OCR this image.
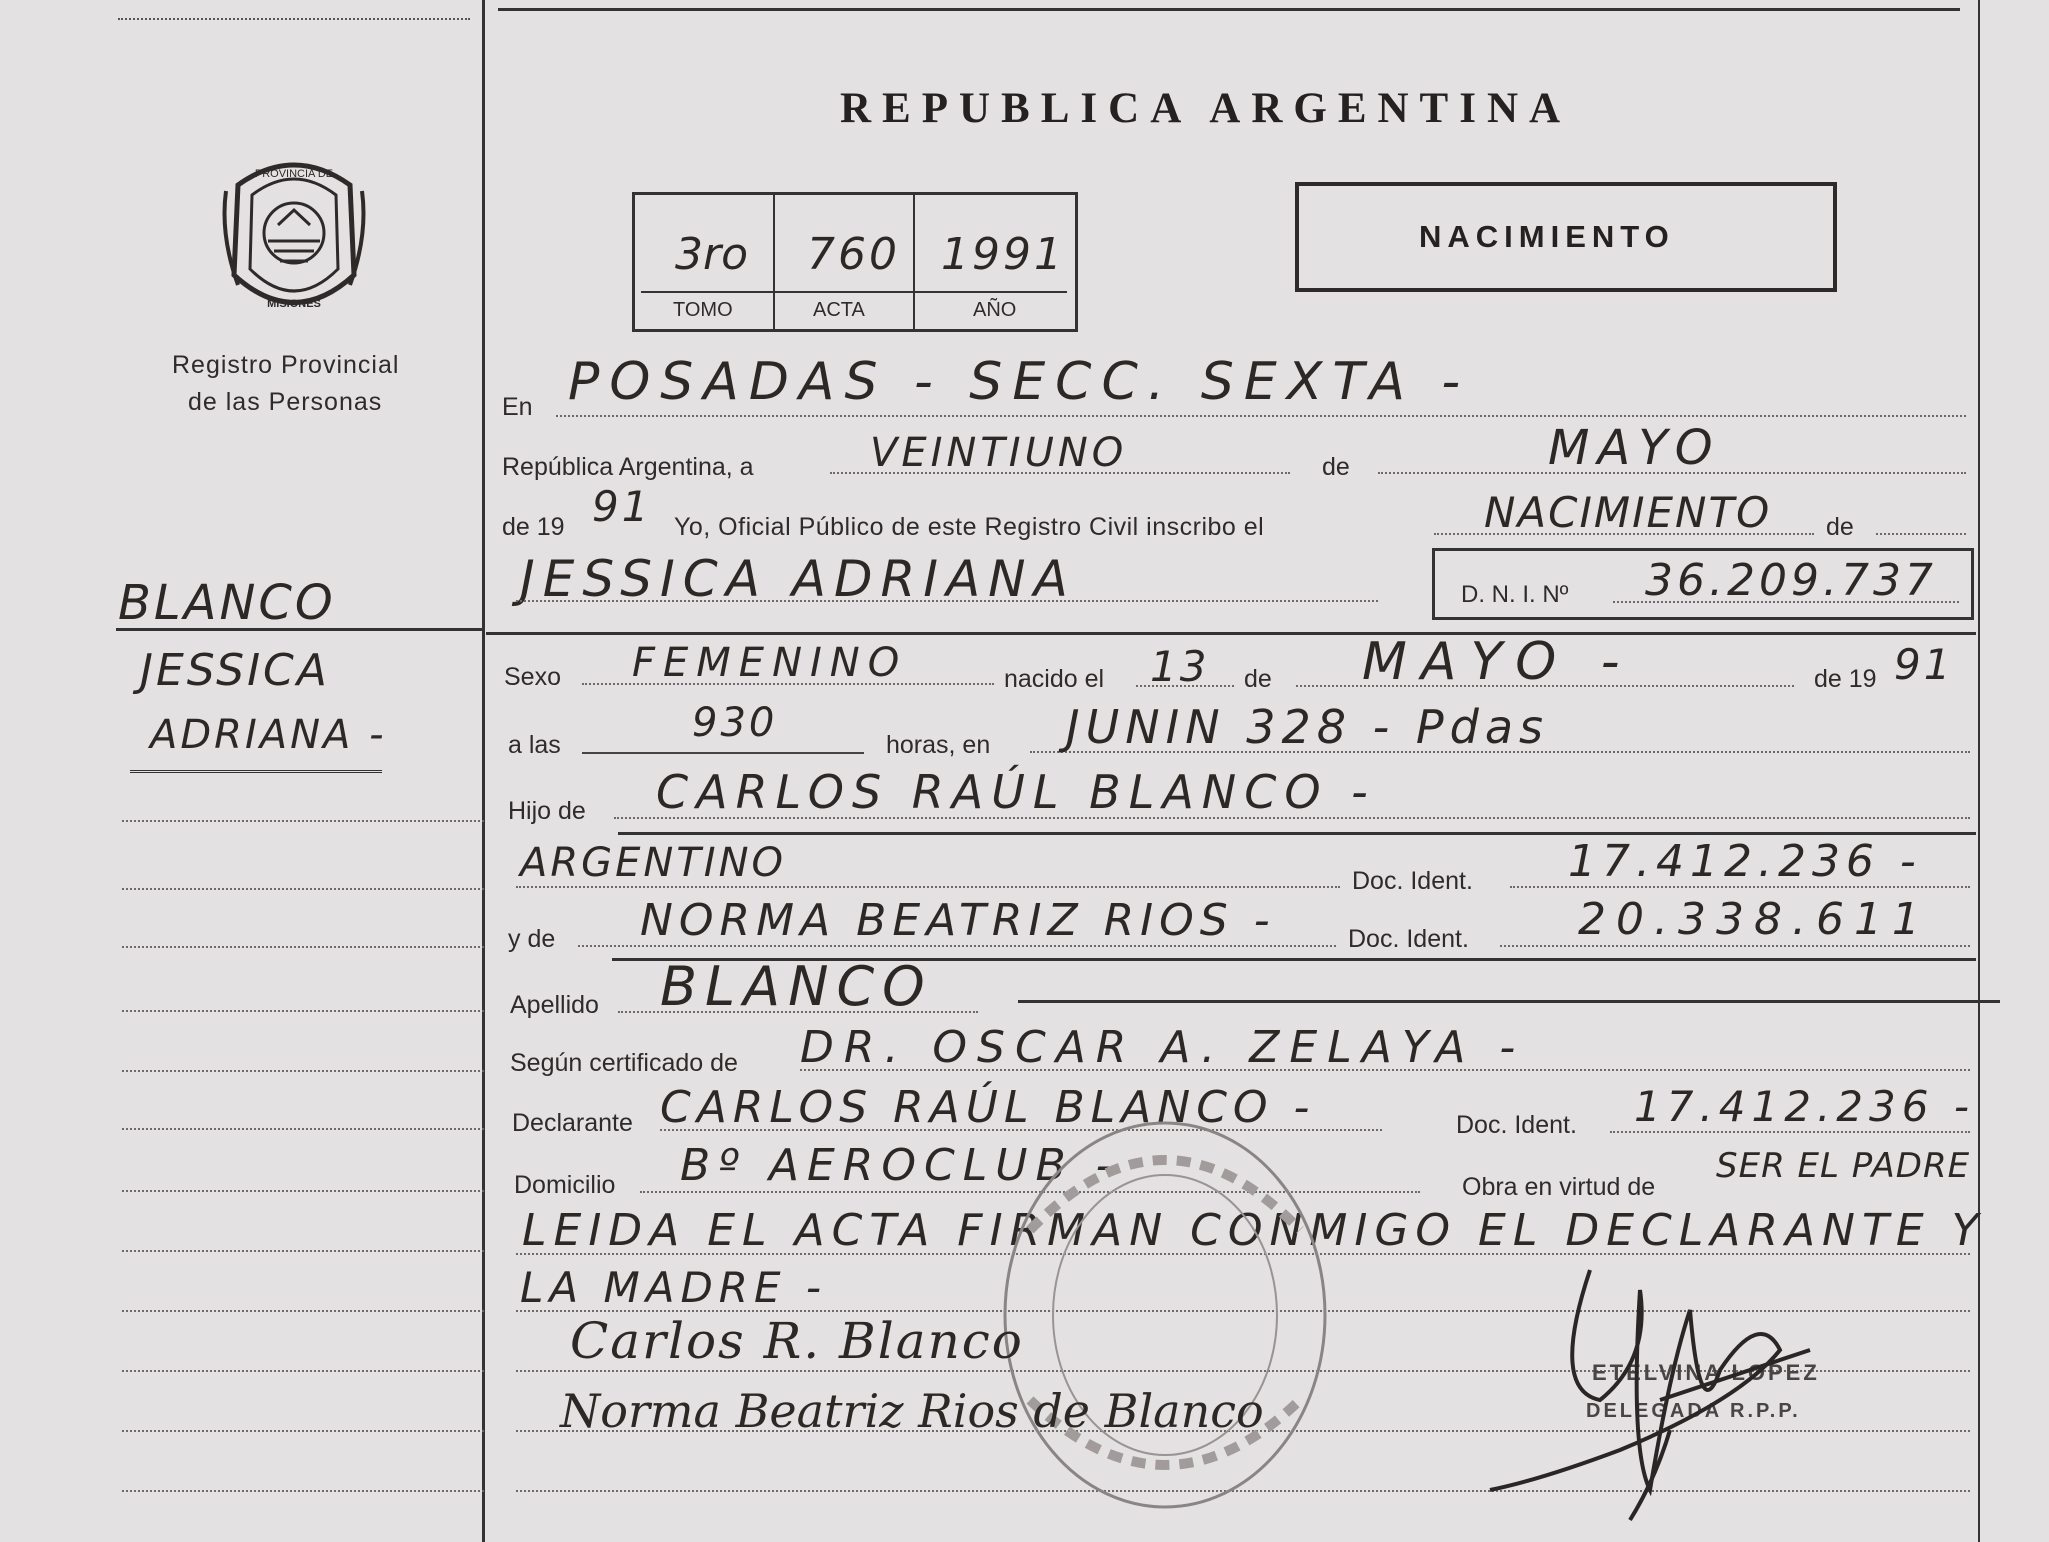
PROVINCIA DE
MISIONES
Registro Provincial
de las Personas
BLANCO
JESSICA
ADRIANA -
REPUBLICA ARGENTINA
3ro 760 1991
TOMO	ACTA	AÑO
NACIMIENTO
En POSADAS - SECC. SEXTA -
República Argentina, a	VEINTIUNO	de	MAYO
de 19 91 Yo, Oficial Público de este Registro Civil inscribo el	NACIMIENTO de
JESSICA ADRIANA	D. N. I. Nº 36.209.737
Sexo FEMENINO	nacido el 13 de MAYO -	de 19 91
a las	930	horas, en JUNIN 328 - Pdas
Hijo de CARLOS RAÚL BLANCO -
ARGENTINO	Doc. Ident. 17.412.236 -
y de NORMA BEATRIZ RIOS -	Doc. Ident. 20.338.611
Apellido BLANCO
Según certificado de DR. OSCAR A. ZELAYA -
Declarante CARLOS RAÚL BLANCO -	Doc. Ident. 17.412.236 -
Domicilio Bº AEROCLUB -	Obra en virtud de
SER EL PADRE
LEIDA EL ACTA FIRMAN CONMIGO EL DECLARANTE Y
LA MADRE -
Carlos R. Blanco
Norma Beatriz Rios de Blanco
ETELVINA LOPEZ
DELEGADA R.P.P.
